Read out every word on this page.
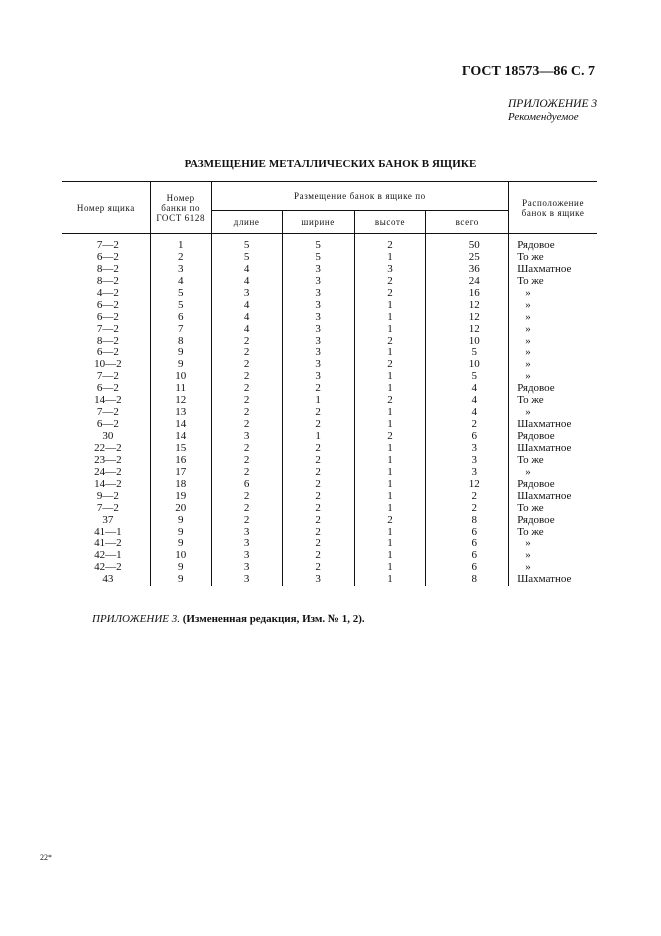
ГОСТ 18573—86 С. 7
ПРИЛОЖЕНИЕ 3
Рекомендуемое
РАЗМЕЩЕНИЕ МЕТАЛЛИЧЕСКИХ БАНОК В ЯЩИКЕ
Номер ящика	Номер банки по ГОСТ 6128	Размещение банок в ящике по				Расположение банок в ящике
		длине	ширине	высоте	всего	
7—2	1	5	5	2	50	Рядовое
6—2	2	5	5	1	25	То же
8—2	3	4	3	3	36	Шахматное
8—2	4	4	3	2	24	То же
4—2	5	3	3	2	16	»
6—2	5	4	3	1	12	»
6—2	6	4	3	1	12	»
7—2	7	4	3	1	12	»
8—2	8	2	3	2	10	»
6—2	9	2	3	1	5	»
10—2	9	2	3	2	10	»
7—2	10	2	3	1	5	»
6—2	11	2	2	1	4	Рядовое
14—2	12	2	1	2	4	То же
7—2	13	2	2	1	4	»
6—2	14	2	2	1	2	Шахматное
30	14	3	1	2	6	Рядовое
22—2	15	2	2	1	3	Шахматное
23—2	16	2	2	1	3	То же
24—2	17	2	2	1	3	»
14—2	18	6	2	1	12	Рядовое
9—2	19	2	2	1	2	Шахматное
7—2	20	2	2	1	2	То же
37	9	2	2	2	8	Рядовое
41—1	9	3	2	1	6	То же
41—2	9	3	2	1	6	»
42—1	10	3	2	1	6	»
42—2	9	3	2	1	6	»
43	9	3	3	1	8	Шахматное
ПРИЛОЖЕНИЕ 3. (Измененная редакция, Изм. № 1, 2).
22*
